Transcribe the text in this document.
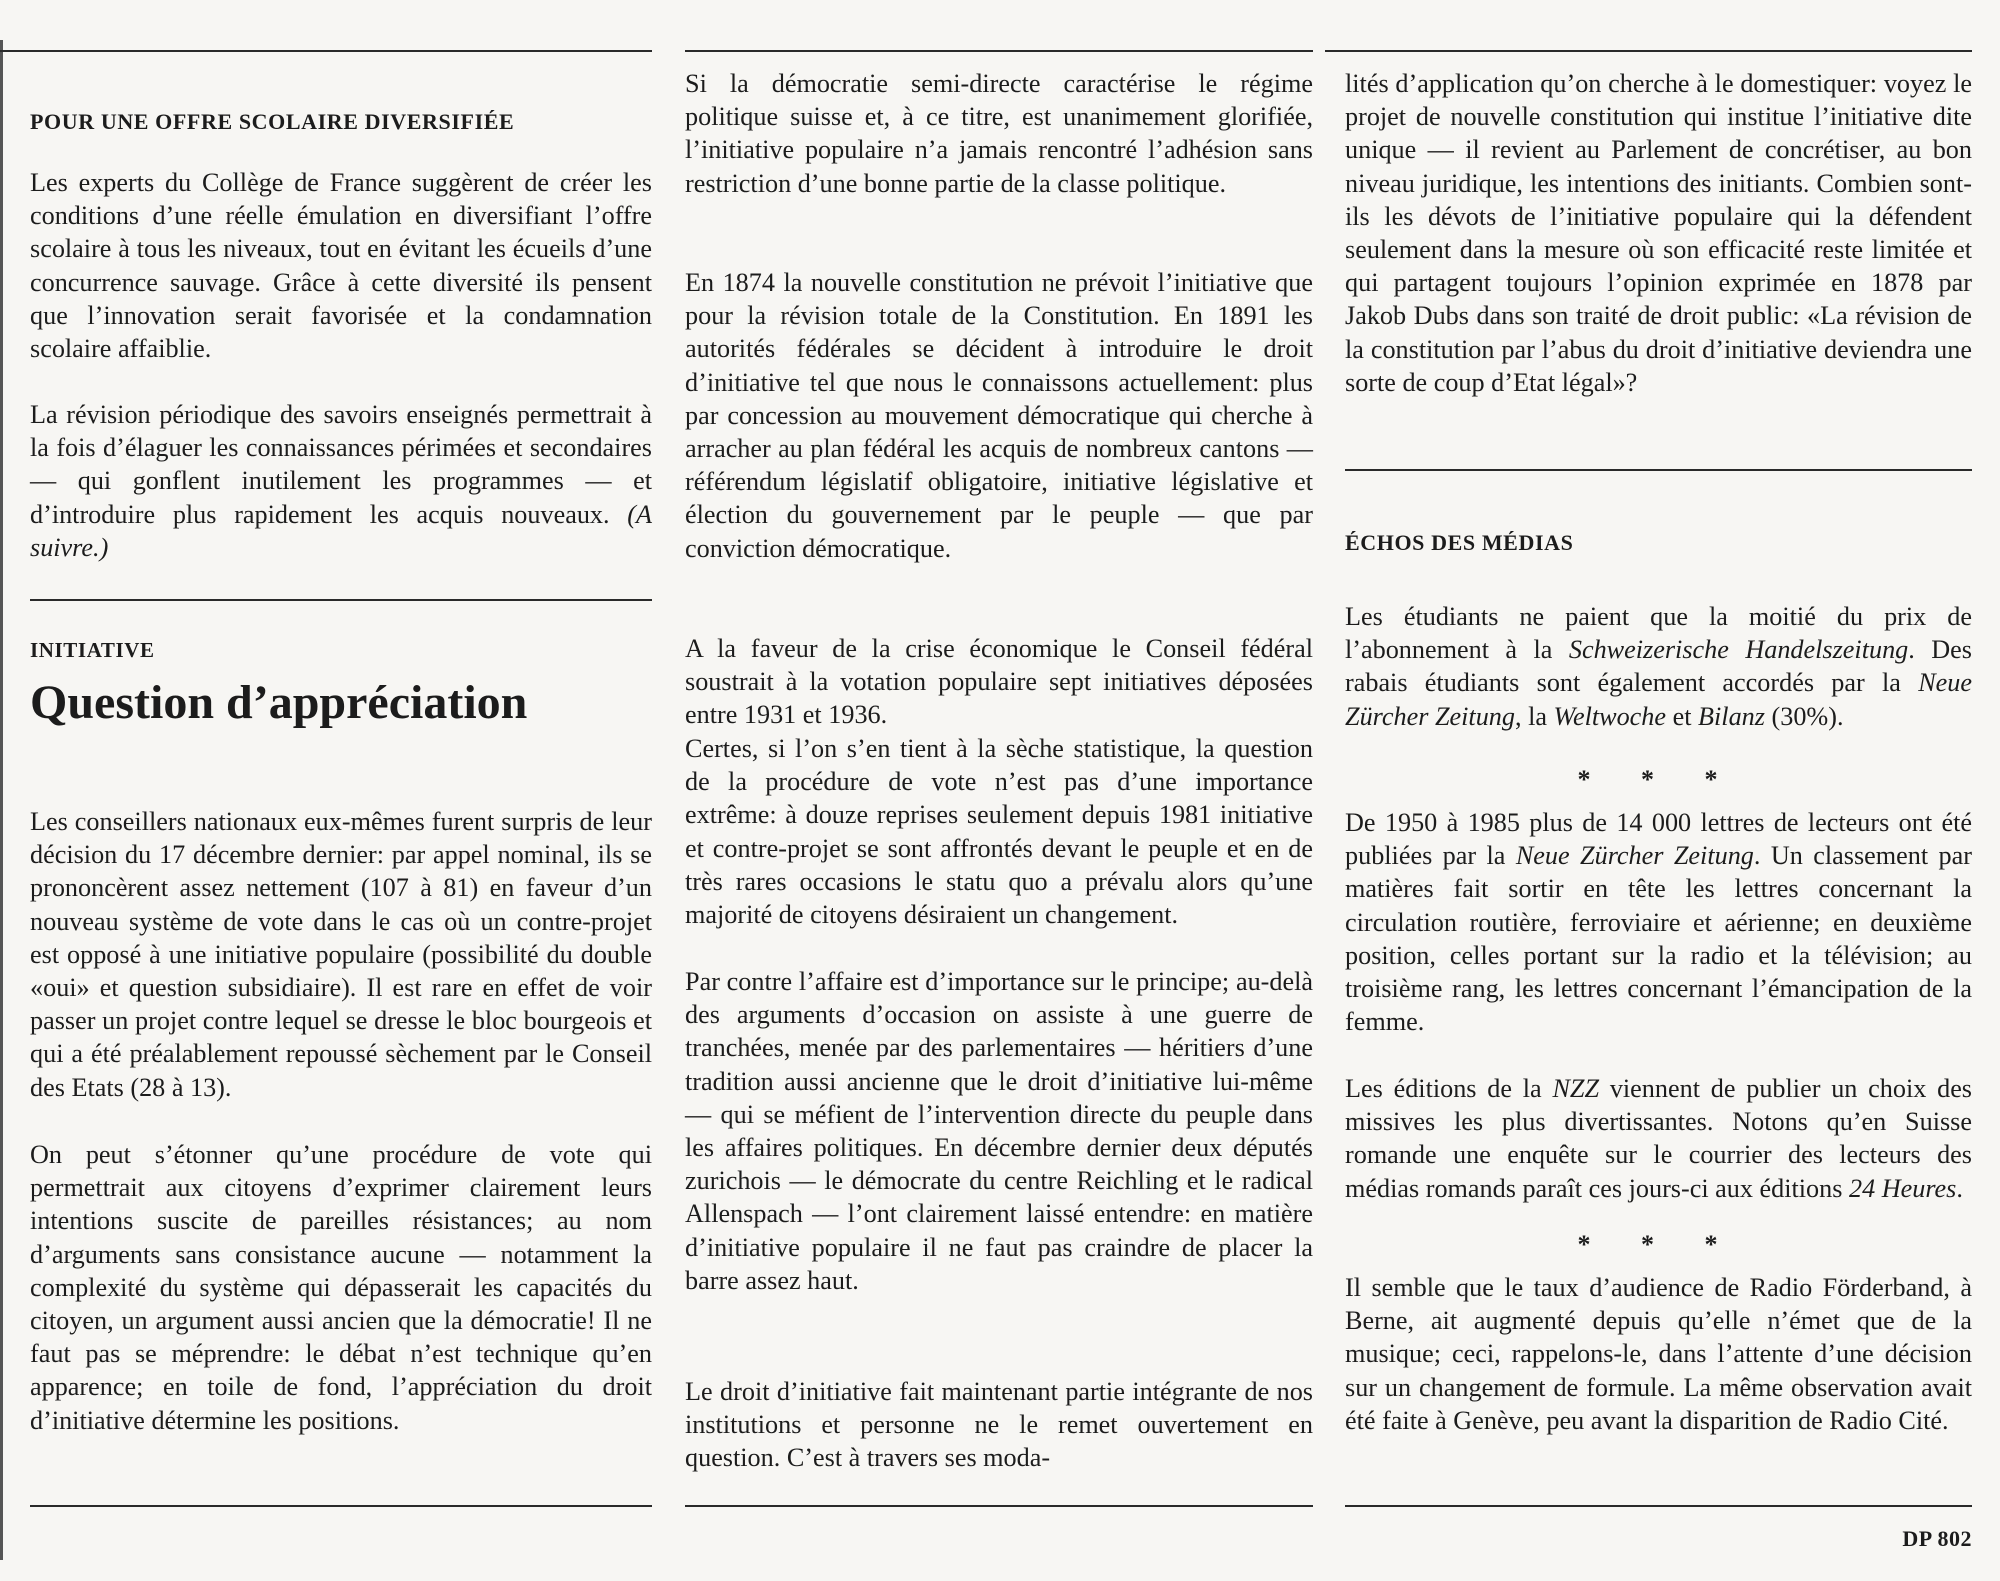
POUR UNE OFFRE SCOLAIRE DIVERSIFIÉE

Les experts du Collège de France suggèrent de créer les conditions d’une réelle émulation en diversifiant l’offre scolaire à tous les niveaux, tout en évitant les écueils d’une concurrence sauvage. Grâce à cette diversité ils pensent que l’innovation serait favorisée et la condamnation scolaire affaiblie.

La révision périodique des savoirs enseignés permettrait à la fois d’élaguer les connaissances périmées et secondaires — qui gonflent inutilement les programmes — et d’introduire plus rapidement les acquis nouveaux. (A suivre.)

INITIATIVE
Question d’appréciation

Les conseillers nationaux eux-mêmes furent surpris de leur décision du 17 décembre dernier: par appel nominal, ils se prononcèrent assez nettement (107 à 81) en faveur d’un nouveau système de vote dans le cas où un contre-projet est opposé à une initiative populaire (possibilité du double «oui» et question subsidiaire). Il est rare en effet de voir passer un projet contre lequel se dresse le bloc bourgeois et qui a été préalablement repoussé sèchement par le Conseil des Etats (28 à 13).

On peut s’étonner qu’une procédure de vote qui permettrait aux citoyens d’exprimer clairement leurs intentions suscite de pareilles résistances; au nom d’arguments sans consistance aucune — notamment la complexité du système qui dépasserait les capacités du citoyen, un argument aussi ancien que la démocratie! Il ne faut pas se méprendre: le débat n’est technique qu’en apparence; en toile de fond, l’appréciation du droit d’initiative détermine les positions.

Si la démocratie semi-directe caractérise le régime politique suisse et, à ce titre, est unanimement glorifiée, l’initiative populaire n’a jamais rencontré l’adhésion sans restriction d’une bonne partie de la classe politique.

En 1874 la nouvelle constitution ne prévoit l’initiative que pour la révision totale de la Constitution. En 1891 les autorités fédérales se décident à introduire le droit d’initiative tel que nous le connaissons actuellement: plus par concession au mouvement démocratique qui cherche à arracher au plan fédéral les acquis de nombreux cantons — référendum législatif obligatoire, initiative législative et élection du gouvernement par le peuple — que par conviction démocratique.

A la faveur de la crise économique le Conseil fédéral soustrait à la votation populaire sept initiatives déposées entre 1931 et 1936.

Certes, si l’on s’en tient à la sèche statistique, la question de la procédure de vote n’est pas d’une importance extrême: à douze reprises seulement depuis 1981 initiative et contre-projet se sont affrontés devant le peuple et en de très rares occasions le statu quo a prévalu alors qu’une majorité de citoyens désiraient un changement.

Par contre l’affaire est d’importance sur le principe; au-delà des arguments d’occasion on assiste à une guerre de tranchées, menée par des parlementaires — héritiers d’une tradition aussi ancienne que le droit d’initiative lui-même — qui se méfient de l’intervention directe du peuple dans les affaires politiques. En décembre dernier deux députés zurichois — le démocrate du centre Reichling et le radical Allenspach — l’ont clairement laissé entendre: en matière d’initiative populaire il ne faut pas craindre de placer la barre assez haut.

Le droit d’initiative fait maintenant partie intégrante de nos institutions et personne ne le remet ouvertement en question. C’est à travers ses moda-

lités d’application qu’on cherche à le domestiquer: voyez le projet de nouvelle constitution qui institue l’initiative dite unique — il revient au Parlement de concrétiser, au bon niveau juridique, les intentions des initiants. Combien sont-ils les dévots de l’initiative populaire qui la défendent seulement dans la mesure où son efficacité reste limitée et qui partagent toujours l’opinion exprimée en 1878 par Jakob Dubs dans son traité de droit public: «La révision de la constitution par l’abus du droit d’initiative deviendra une sorte de coup d’Etat légal»?

ÉCHOS DES MÉDIAS

Les étudiants ne paient que la moitié du prix de l’abonnement à la Schweizerische Handelszeitung. Des rabais étudiants sont également accordés par la Neue Zürcher Zeitung, la Weltwoche et Bilanz (30%).

* * *

De 1950 à 1985 plus de 14 000 lettres de lecteurs ont été publiées par la Neue Zürcher Zeitung. Un classement par matières fait sortir en tête les lettres concernant la circulation routière, ferroviaire et aérienne; en deuxième position, celles portant sur la radio et la télévision; au troisième rang, les lettres concernant l’émancipation de la femme.

Les éditions de la NZZ viennent de publier un choix des missives les plus divertissantes. Notons qu’en Suisse romande une enquête sur le courrier des lecteurs des médias romands paraît ces jours-ci aux éditions 24 Heures.

* * *

Il semble que le taux d’audience de Radio Förderband, à Berne, ait augmenté depuis qu’elle n’émet que de la musique; ceci, rappelons-le, dans l’attente d’une décision sur un changement de formule. La même observation avait été faite à Genève, peu avant la disparition de Radio Cité.

DP 802
